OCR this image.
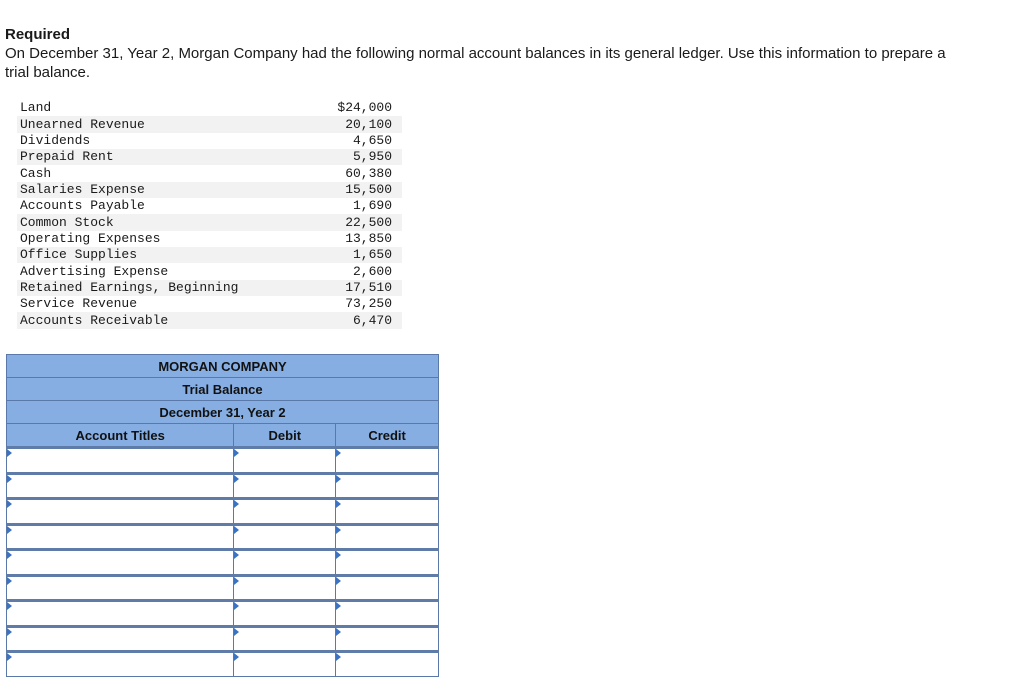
Required
On December 31, Year 2, Morgan Company had the following normal account balances in its general ledger. Use this information to prepare a trial balance.
Land	$24,000
Unearned Revenue	20,100
Dividends	4,650
Prepaid Rent	5,950
Cash	60,380
Salaries Expense	15,500
Accounts Payable	1,690
Common Stock	22,500
Operating Expenses	13,850
Office Supplies	1,650
Advertising Expense	2,600
Retained Earnings, Beginning	17,510
Service Revenue	73,250
Accounts Receivable	6,470
MORGAN COMPANY		
Trial Balance		
December 31, Year 2		
Account Titles	Debit	Credit
